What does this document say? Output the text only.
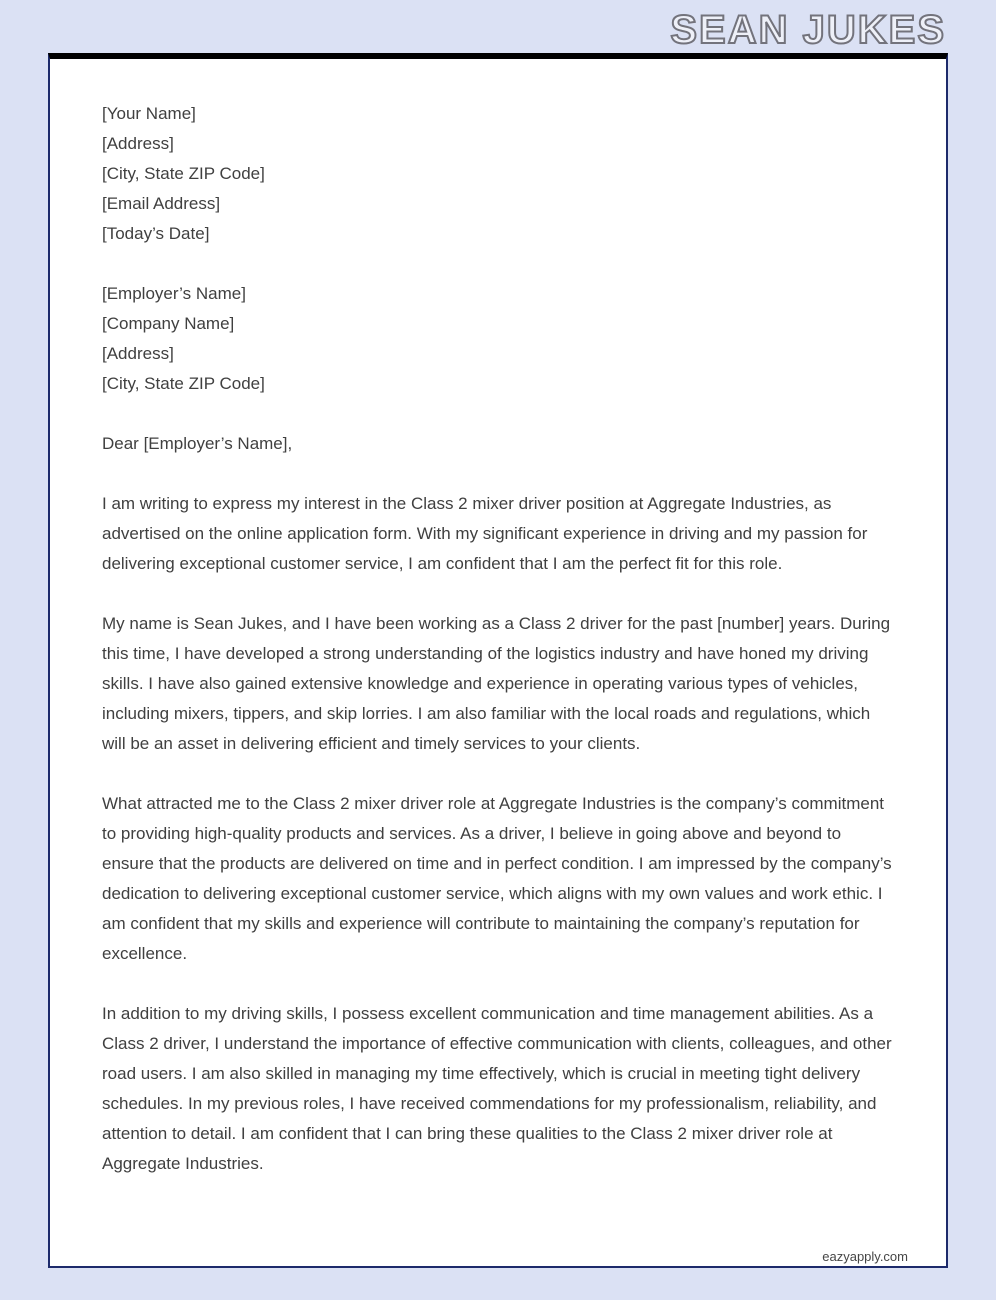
SEAN JUKES

[Your Name]

[Address]

[City, State ZIP Code]

[Email Address]

[Today’s Date]

[Employer’s Name]

[Company Name]

[Address]

[City, State ZIP Code]

Dear [Employer’s Name],

I am writing to express my interest in the Class 2 mixer driver position at Aggregate Industries, as advertised on the online application form. With my significant experience in driving and my passion for delivering exceptional customer service, I am confident that I am the perfect fit for this role.

My name is Sean Jukes, and I have been working as a Class 2 driver for the past [number] years. During this time, I have developed a strong understanding of the logistics industry and have honed my driving skills. I have also gained extensive knowledge and experience in operating various types of vehicles, including mixers, tippers, and skip lorries. I am also familiar with the local roads and regulations, which will be an asset in delivering efficient and timely services to your clients.

What attracted me to the Class 2 mixer driver role at Aggregate Industries is the company’s commitment to providing high-quality products and services. As a driver, I believe in going above and beyond to ensure that the products are delivered on time and in perfect condition. I am impressed by the company’s dedication to delivering exceptional customer service, which aligns with my own values and work ethic. I am confident that my skills and experience will contribute to maintaining the company’s reputation for excellence.

In addition to my driving skills, I possess excellent communication and time management abilities. As a Class 2 driver, I understand the importance of effective communication with clients, colleagues, and other road users. I am also skilled in managing my time effectively, which is crucial in meeting tight delivery schedules. In my previous roles, I have received commendations for my professionalism, reliability, and attention to detail. I am confident that I can bring these qualities to the Class 2 mixer driver role at Aggregate Industries.

eazyapply.com
